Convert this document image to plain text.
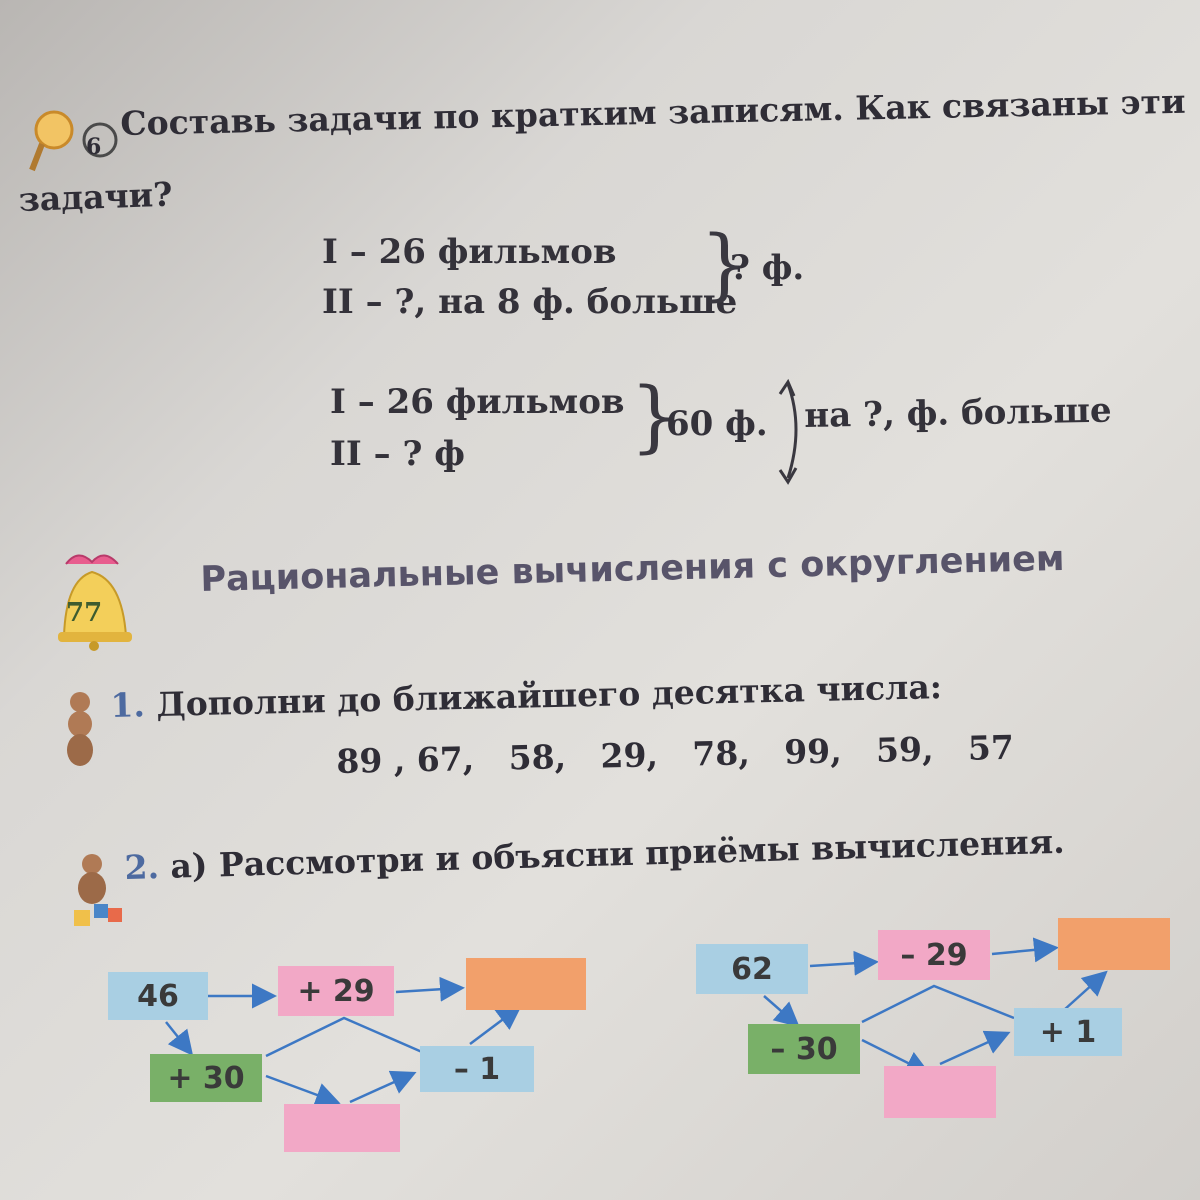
6
Составь задачи по кратким записям. Как связаны эти
задачи?
I – 26 фильмов
II – ?, на 8 ф. больше
}
? ф.
I – 26 фильмов
II – ? ф }
60 ф. на ?, ф. больше
77
Рациональные вычисления с округлением
1. Дополни до ближайшего десятка числа:
89 , 67,   58,   29,   78,   99,   59,   57
2. а) Рассмотри и объясни приёмы вычисления.
46	+ 29
+ 30	– 1
62	– 29
– 30	+ 1
